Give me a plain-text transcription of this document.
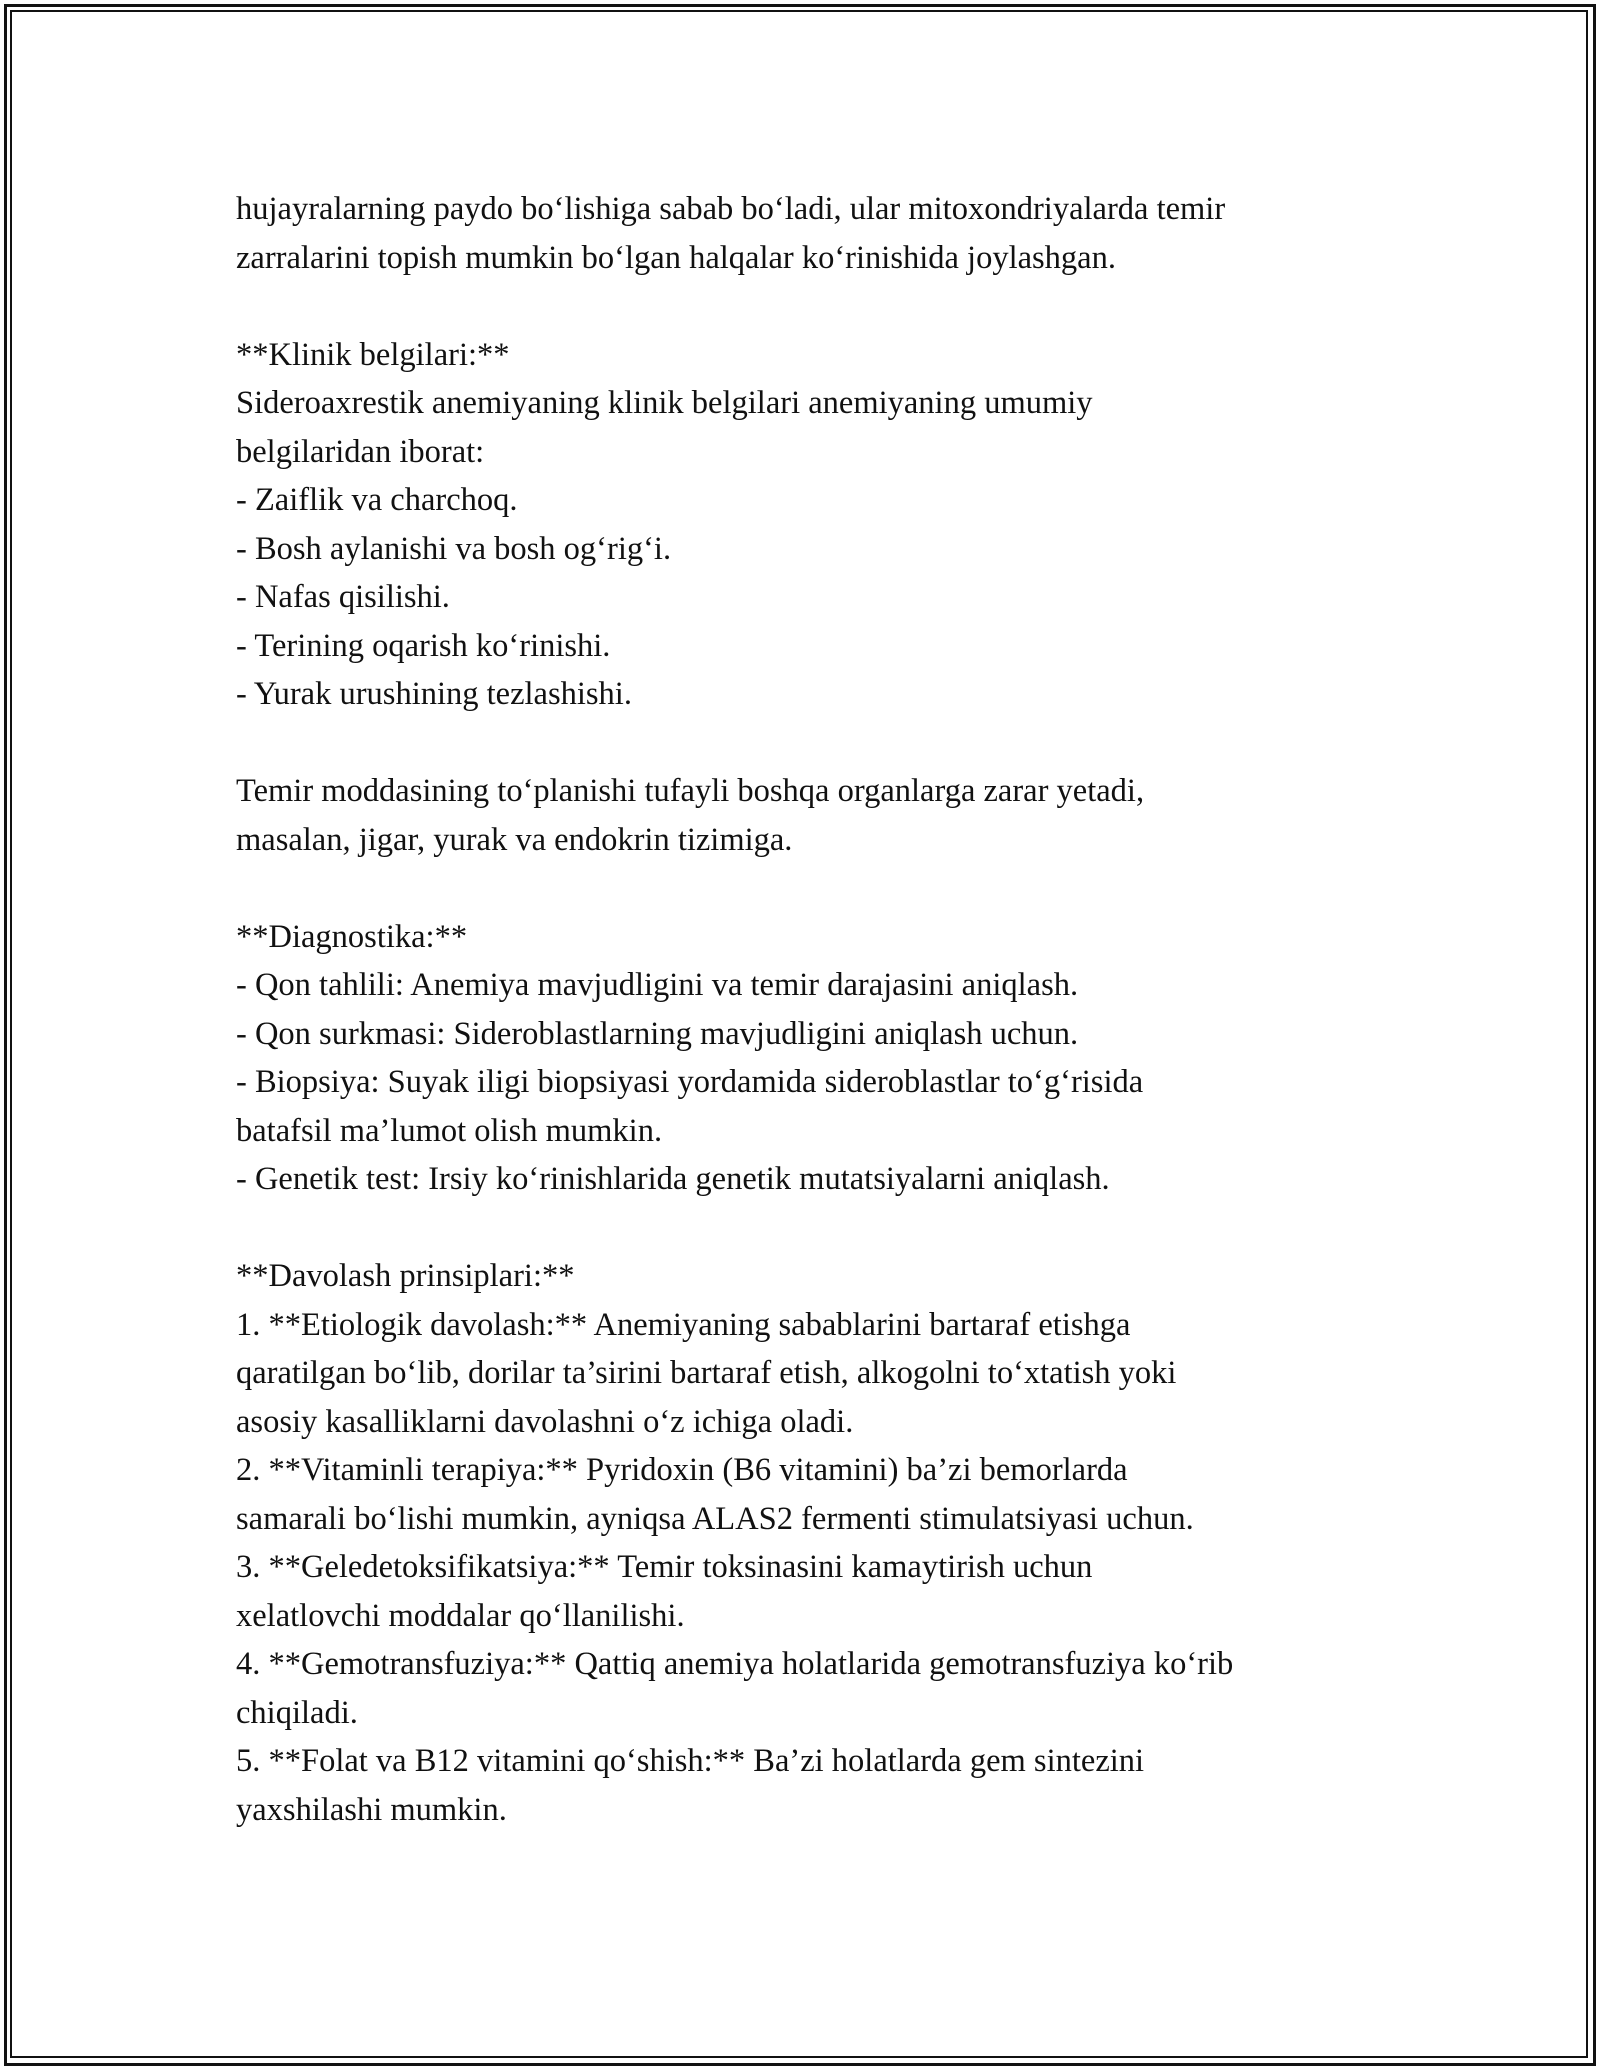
hujayralarning paydo bo‘lishiga sabab bo‘ladi, ular mitoxondriyalarda temir
zarralarini topish mumkin bo‘lgan halqalar ko‘rinishida joylashgan.
**Klinik belgilari:**
Sideroaxrestik anemiyaning klinik belgilari anemiyaning umumiy
belgilaridan iborat:
- Zaiflik va charchoq.
- Bosh aylanishi va bosh og‘rig‘i.
- Nafas qisilishi.
- Terining oqarish ko‘rinishi.
- Yurak urushining tezlashishi.
Temir moddasining to‘planishi tufayli boshqa organlarga zarar yetadi,
masalan, jigar, yurak va endokrin tizimiga.
**Diagnostika:**
- Qon tahlili: Anemiya mavjudligini va temir darajasini aniqlash.
- Qon surkmasi: Sideroblastlarning mavjudligini aniqlash uchun.
- Biopsiya: Suyak iligi biopsiyasi yordamida sideroblastlar to‘g‘risida
batafsil ma’lumot olish mumkin.
- Genetik test: Irsiy ko‘rinishlarida genetik mutatsiyalarni aniqlash.
**Davolash prinsiplari:**
1. **Etiologik davolash:** Anemiyaning sabablarini bartaraf etishga
qaratilgan bo‘lib, dorilar ta’sirini bartaraf etish, alkogolni to‘xtatish yoki
asosiy kasalliklarni davolashni o‘z ichiga oladi.
2. **Vitaminli terapiya:** Pyridoxin (B6 vitamini) ba’zi bemorlarda
samarali bo‘lishi mumkin, ayniqsa ALAS2 fermenti stimulatsiyasi uchun.
3. **Geledetoksifikatsiya:** Temir toksinasini kamaytirish uchun
xelatlovchi moddalar qo‘llanilishi.
4. **Gemotransfuziya:** Qattiq anemiya holatlarida gemotransfuziya ko‘rib
chiqiladi.
5. **Folat va B12 vitamini qo‘shish:** Ba’zi holatlarda gem sintezini
yaxshilashi mumkin.
